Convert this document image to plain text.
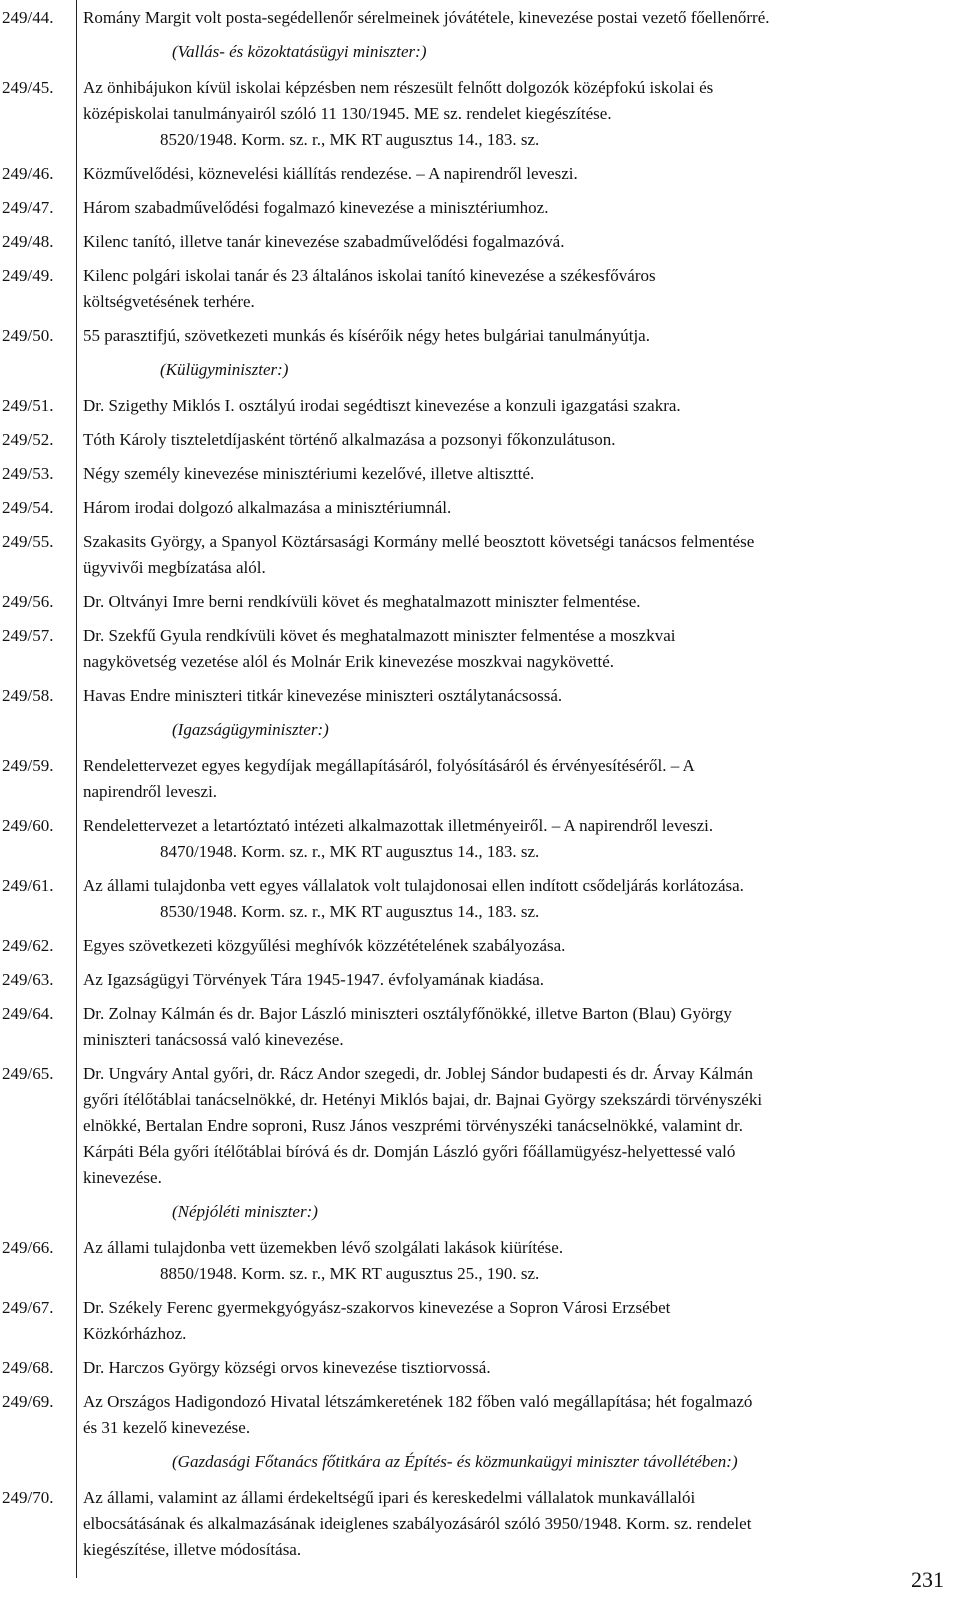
249/44.	Romány Margit volt posta-segédellenőr sérelmeinek jóvátétele, kinevezése postai vezető főellenőrré.
(Vallás- és közoktatásügyi miniszter:)
249/45.	Az önhibájukon kívül iskolai képzésben nem részesült felnőtt dolgozók középfokú iskolai és
középiskolai tanulmányairól szóló 11 130/1945. ME sz. rendelet kiegészítése.
8520/1948. Korm. sz. r., MK RT augusztus 14., 183. sz.
249/46.	Közművelődési, köznevelési kiállítás rendezése. – A napirendről leveszi.
249/47.	Három szabadművelődési fogalmazó kinevezése a minisztériumhoz.
249/48.	Kilenc tanító, illetve tanár kinevezése szabadművelődési fogalmazóvá.
249/49.	Kilenc polgári iskolai tanár és 23 általános iskolai tanító kinevezése a székesfőváros
költségvetésének terhére.
249/50.	55 parasztifjú, szövetkezeti munkás és kísérőik négy hetes bulgáriai tanulmányútja.
(Külügyminiszter:)
249/51.	Dr. Szigethy Miklós I. osztályú irodai segédtiszt kinevezése a konzuli igazgatási szakra.
249/52.	Tóth Károly tiszteletdíjasként történő alkalmazása a pozsonyi főkonzulátuson.
249/53.	Négy személy kinevezése minisztériumi kezelővé, illetve altisztté.
249/54.	Három irodai dolgozó alkalmazása a minisztériumnál.
249/55.	Szakasits György, a Spanyol Köztársasági Kormány mellé beosztott követségi tanácsos felmentése
ügyvivői megbízatása alól.
249/56.	Dr. Oltványi Imre berni rendkívüli követ és meghatalmazott miniszter felmentése.
249/57.	Dr. Szekfű Gyula rendkívüli követ és meghatalmazott miniszter felmentése a moszkvai
nagykövetség vezetése alól és Molnár Erik kinevezése moszkvai nagykövetté.
249/58.	Havas Endre miniszteri titkár kinevezése miniszteri osztálytanácsossá.
(Igazságügyminiszter:)
249/59.	Rendelettervezet egyes kegydíjak megállapításáról, folyósításáról és érvényesítéséről. – A
napirendről leveszi.
249/60.	Rendelettervezet a letartóztató intézeti alkalmazottak illetményeiről. – A napirendről leveszi.
8470/1948. Korm. sz. r., MK RT augusztus 14., 183. sz.
249/61.	Az állami tulajdonba vett egyes vállalatok volt tulajdonosai ellen indított csődeljárás korlátozása.
8530/1948. Korm. sz. r., MK RT augusztus 14., 183. sz.
249/62.	Egyes szövetkezeti közgyűlési meghívók közzétételének szabályozása.
249/63.	Az Igazságügyi Törvények Tára 1945-1947. évfolyamának kiadása.
249/64.	Dr. Zolnay Kálmán és dr. Bajor László miniszteri osztályfőnökké, illetve Barton (Blau) György
miniszteri tanácsossá való kinevezése.
249/65.	Dr. Ungváry Antal győri, dr. Rácz Andor szegedi, dr. Joblej Sándor budapesti és dr. Árvay Kálmán
győri ítélőtáblai tanácselnökké, dr. Hetényi Miklós bajai, dr. Bajnai György szekszárdi törvényszéki
elnökké, Bertalan Endre soproni, Rusz János veszprémi törvényszéki tanácselnökké, valamint dr.
Kárpáti Béla győri ítélőtáblai bíróvá és dr. Domján László győri főállamügyész-helyettessé való
kinevezése.
(Népjóléti miniszter:)
249/66.	Az állami tulajdonba vett üzemekben lévő szolgálati lakások kiürítése.
8850/1948. Korm. sz. r., MK RT augusztus 25., 190. sz.
249/67.	Dr. Székely Ferenc gyermekgyógyász-szakorvos kinevezése a Sopron Városi Erzsébet
Közkórházhoz.
249/68.	Dr. Harczos György községi orvos kinevezése tisztiorvossá.
249/69.	Az Országos Hadigondozó Hivatal létszámkeretének 182 főben való megállapítása; hét fogalmazó
és 31 kezelő kinevezése.
(Gazdasági Főtanács főtitkára az Építés- és közmunkaügyi miniszter távollétében:)
249/70.	Az állami, valamint az állami érdekeltségű ipari és kereskedelmi vállalatok munkavállalói
elbocsátásának és alkalmazásának ideiglenes szabályozásáról szóló 3950/1948. Korm. sz. rendelet
kiegészítése, illetve módosítása.
231
